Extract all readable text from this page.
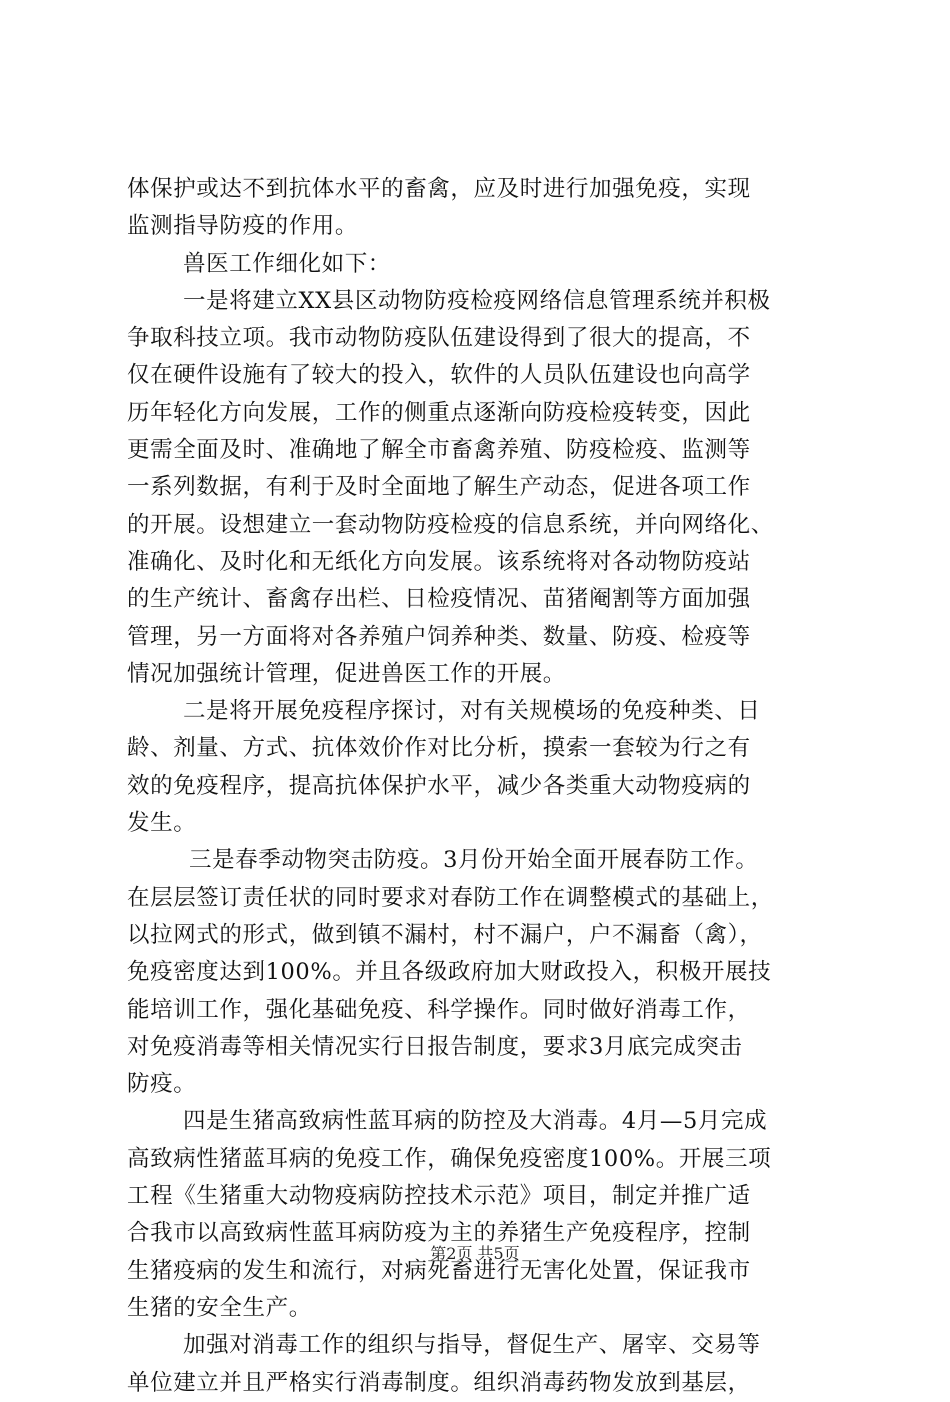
体保护或达不到抗体水平的畜禽，应及时进行加强免疫，实现
监测指导防疫的作用。
兽医工作细化如下：
一是将建立XX县区动物防疫检疫网络信息管理系统并积极
争取科技立项。我市动物防疫队伍建设得到了很大的提高，不
仅在硬件设施有了较大的投入，软件的人员队伍建设也向高学
历年轻化方向发展，工作的侧重点逐渐向防疫检疫转变，因此
更需全面及时、准确地了解全市畜禽养殖、防疫检疫、监测等
一系列数据，有利于及时全面地了解生产动态，促进各项工作
的开展。设想建立一套动物防疫检疫的信息系统，并向网络化、
准确化、及时化和无纸化方向发展。该系统将对各动物防疫站
的生产统计、畜禽存出栏、日检疫情况、苗猪阉割等方面加强
管理，另一方面将对各养殖户饲养种类、数量、防疫、检疫等
情况加强统计管理，促进兽医工作的开展。
二是将开展免疫程序探讨，对有关规模场的免疫种类、日
龄、剂量、方式、抗体效价作对比分析，摸索一套较为行之有
效的免疫程序，提高抗体保护水平，减少各类重大动物疫病的
发生。
三是春季动物突击防疫。3月份开始全面开展春防工作。
在层层签订责任状的同时要求对春防工作在调整模式的基础上，
以拉网式的形式，做到镇不漏村，村不漏户，户不漏畜（禽），
免疫密度达到100%。并且各级政府加大财政投入，积极开展技
能培训工作，强化基础免疫、科学操作。同时做好消毒工作，
对免疫消毒等相关情况实行日报告制度，要求3月底完成突击
防疫。
四是生猪高致病性蓝耳病的防控及大消毒。4月—5月完成
高致病性猪蓝耳病的免疫工作，确保免疫密度100%。开展三项
工程《生猪重大动物疫病防控技术示范》项目，制定并推广适
合我市以高致病性蓝耳病防疫为主的养猪生产免疫程序，控制
生猪疫病的发生和流行，对病死畜进行无害化处置，保证我市
生猪的安全生产。
加强对消毒工作的组织与指导，督促生产、屠宰、交易等
单位建立并且严格实行消毒制度。组织消毒药物发放到基层，
第2页 共5页
